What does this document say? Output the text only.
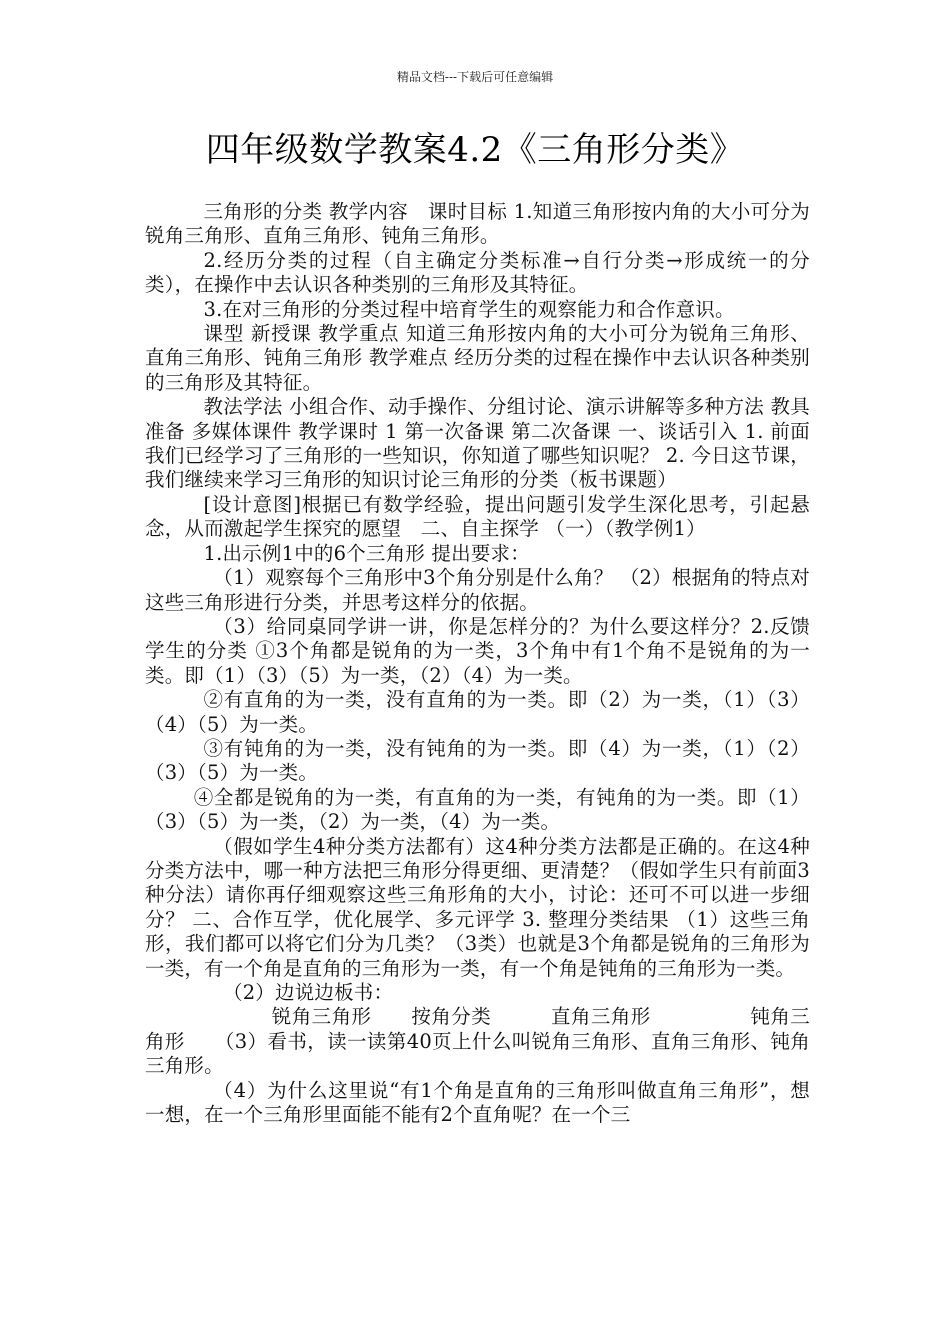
精品文档---下载后可任意编辑
四年级数学教案4.2《三角形分类》

三角形的分类 教学内容　课时目标 1.知道三角形按内角的大小可分为锐角三角形、直角三角形、钝角三角形。

2.经历分类的过程（自主确定分类标准→自行分类→形成统一的分类），在操作中去认识各种类别的三角形及其特征。

3.在对三角形的分类过程中培育学生的观察能力和合作意识。

课型 新授课 教学重点 知道三角形按内角的大小可分为锐角三角形、直角三角形、钝角三角形 教学难点 经历分类的过程在操作中去认识各种类别的三角形及其特征。

教法学法 小组合作、动手操作、分组讨论、演示讲解等多种方法 教具准备 多媒体课件 教学课时 1 第一次备课 第二次备课 一、谈话引入 1. 前面我们已经学习了三角形的一些知识，你知道了哪些知识呢？ 2. 今日这节课，我们继续来学习三角形的知识讨论三角形的分类（板书课题）

[设计意图]根据已有数学经验，提出问题引发学生深化思考，引起悬念，从而激起学生探究的愿望　二、自主探学 （一）（教学例1）

1.出示例1中的6个三角形 提出要求：

（1）观察每个三角形中3个角分别是什么角？ （2）根据角的特点对这些三角形进行分类，并思考这样分的依据。

（3）给同桌同学讲一讲，你是怎样分的？为什么要这样分？2.反馈学生的分类 ①3个角都是锐角的为一类，3个角中有1个角不是锐角的为一类。即（1）（3）（5）为一类，（2）（4）为一类。

②有直角的为一类，没有直角的为一类。即（2）为一类，（1）（3）（4）（5）为一类。

③有钝角的为一类，没有钝角的为一类。即（4）为一类，（1）（2）（3）（5）为一类。

④全都是锐角的为一类，有直角的为一类，有钝角的为一类。即（1）（3）（5）为一类，（2）为一类，（4）为一类。

（假如学生4种分类方法都有）这4种分类方法都是正确的。在这4种分类方法中，哪一种方法把三角形分得更细、更清楚？（假如学生只有前面3种分法）请你再仔细观察这些三角形角的大小，讨论：还可不可以进一步细分？ 二、合作互学，优化展学、多元评学 3. 整理分类结果 （1）这些三角形，我们都可以将它们分为几类？（3类）也就是3个角都是锐角的三角形为一类，有一个角是直角的三角形为一类，有一个角是钝角的三角形为一类。

（2）边说边板书：

锐角三角形　　按角分类　　　直角三角形　　　　　钝角三角形　　（3）看书，读一读第40页上什么叫锐角三角形、直角三角形、钝角三角形。

（4）为什么这里说“有1个角是直角的三角形叫做直角三角形”，想一想，在一个三角形里面能不能有2个直角呢？在一个三
